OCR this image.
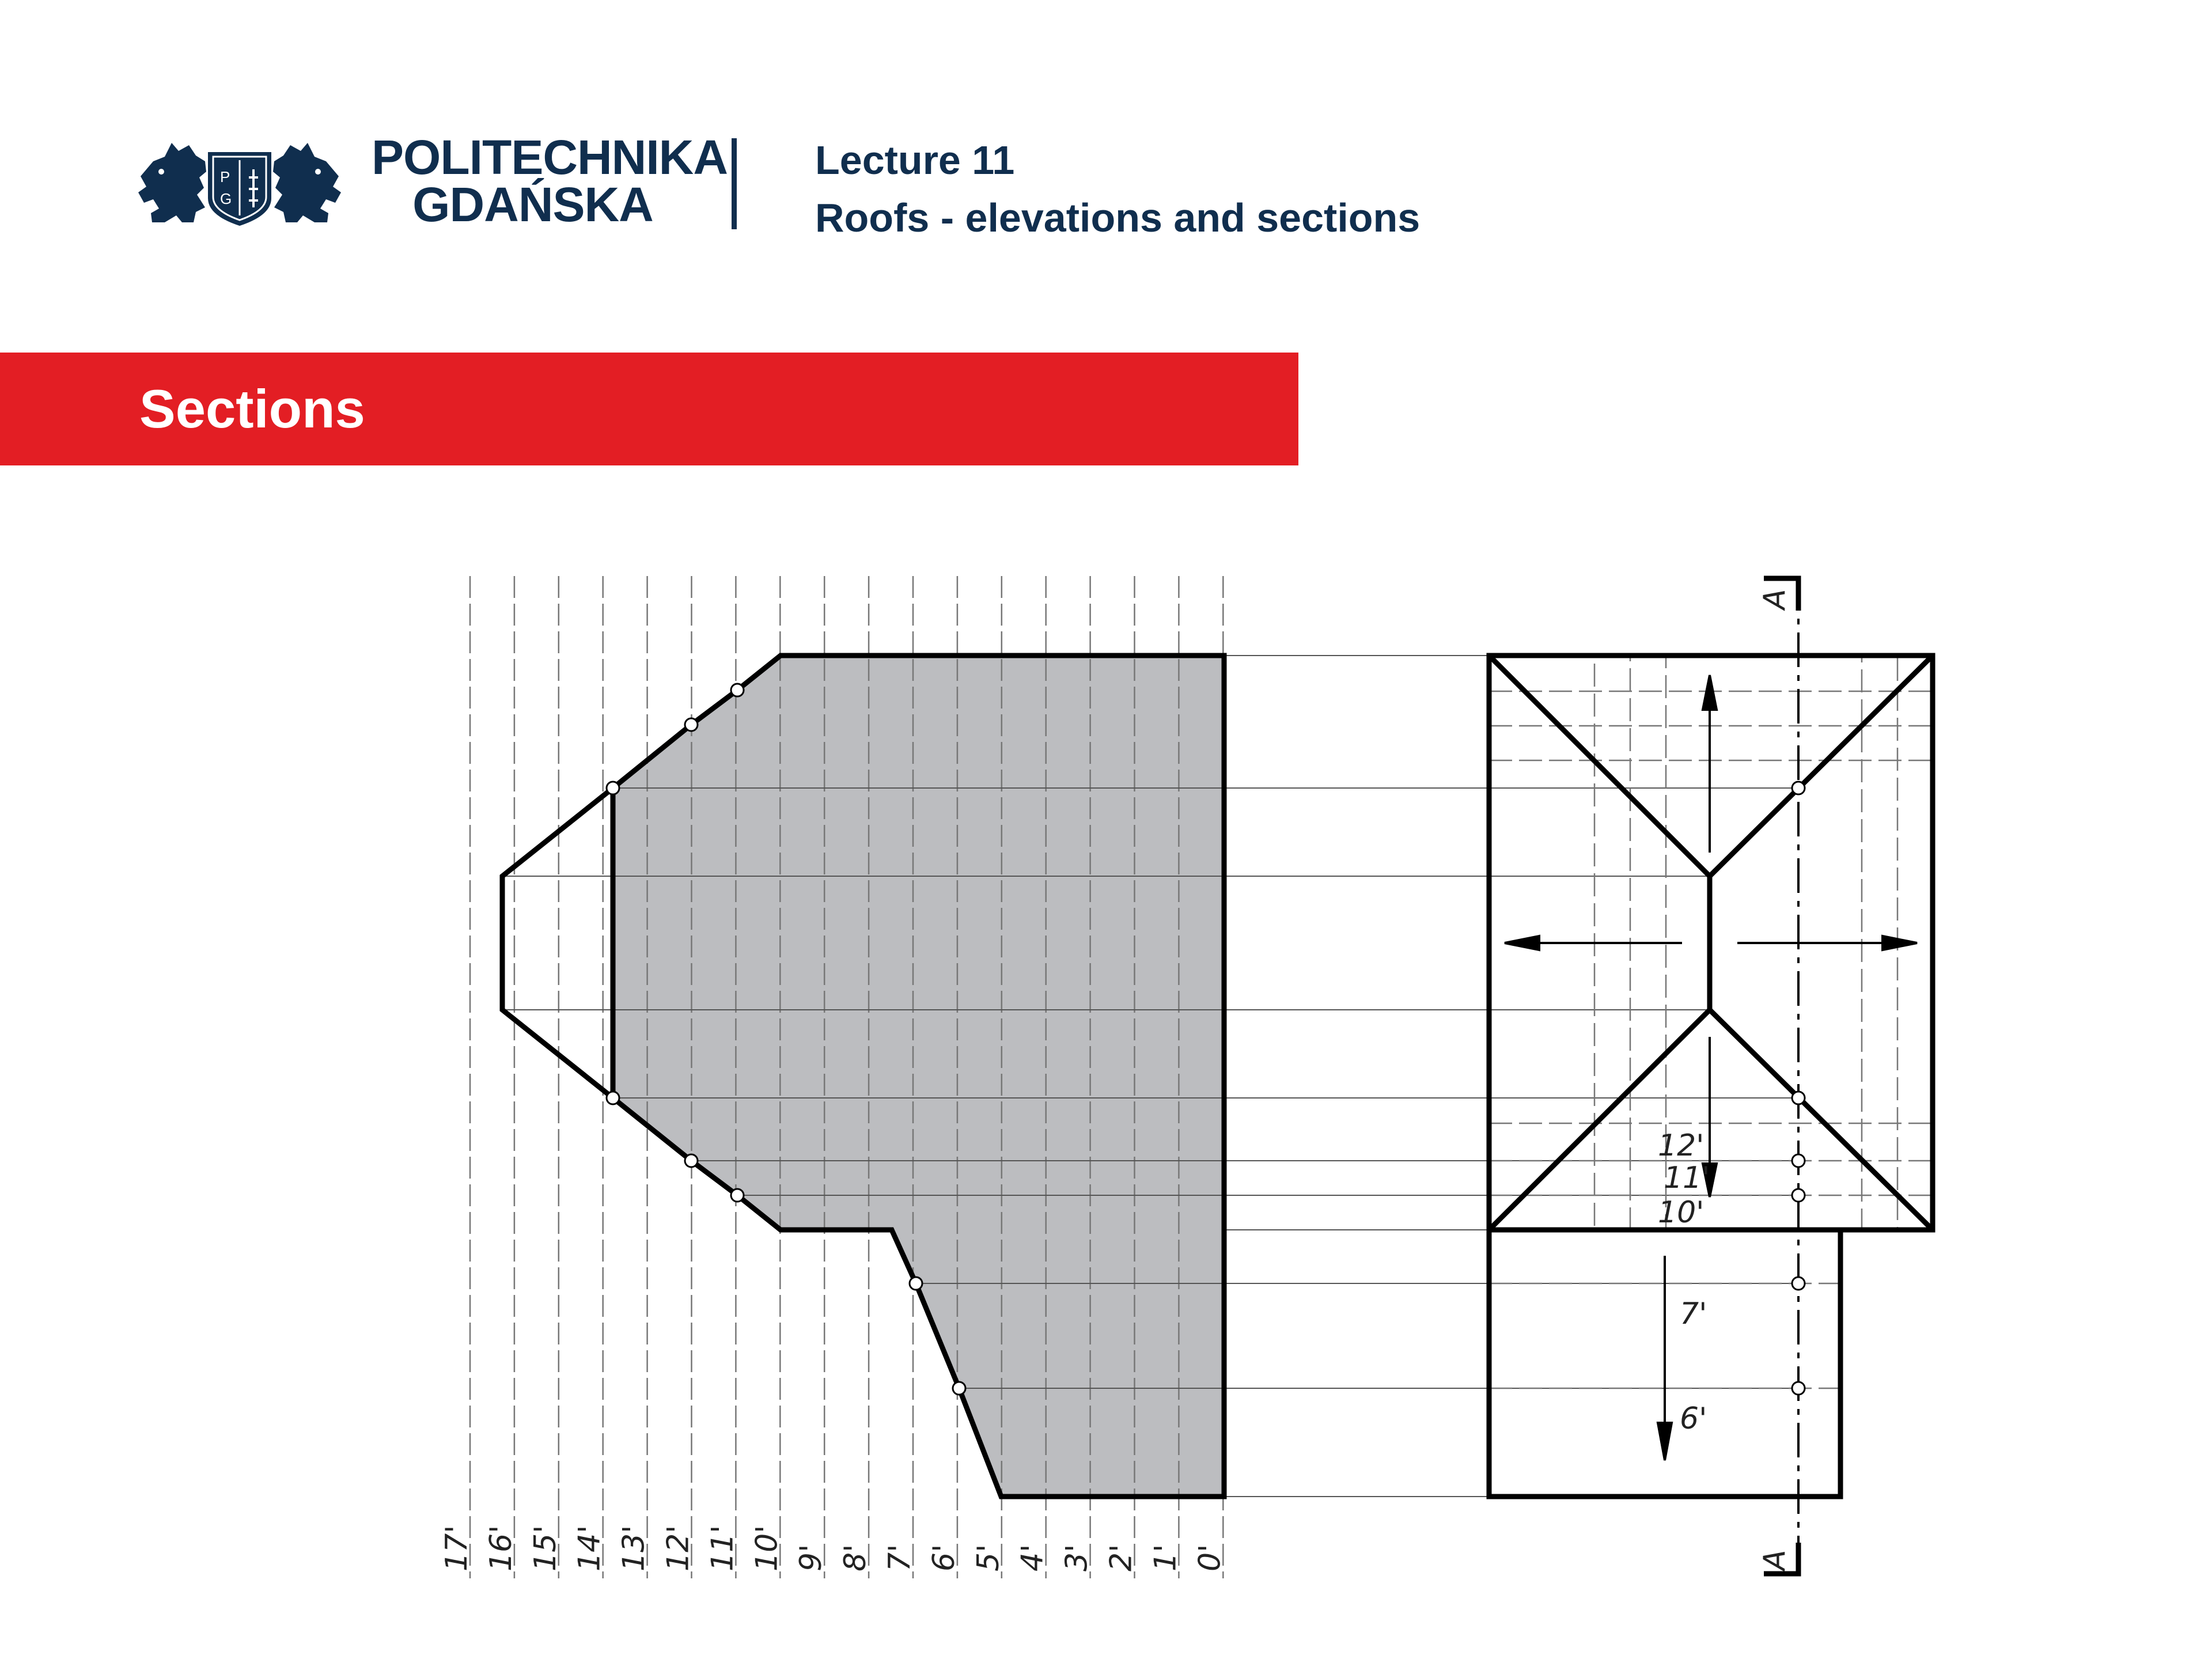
P
G
POLITECHNIKA
GDAŃSKA
Lecture 11
Roofs - elevations and sections
Sections
A
A
12'
11'
10'
7'
6'
17' 16' 15' 14' 13' 12' 11' 10' 9' 8' 7' 6' 5' 4' 3' 2' 1' 0'
